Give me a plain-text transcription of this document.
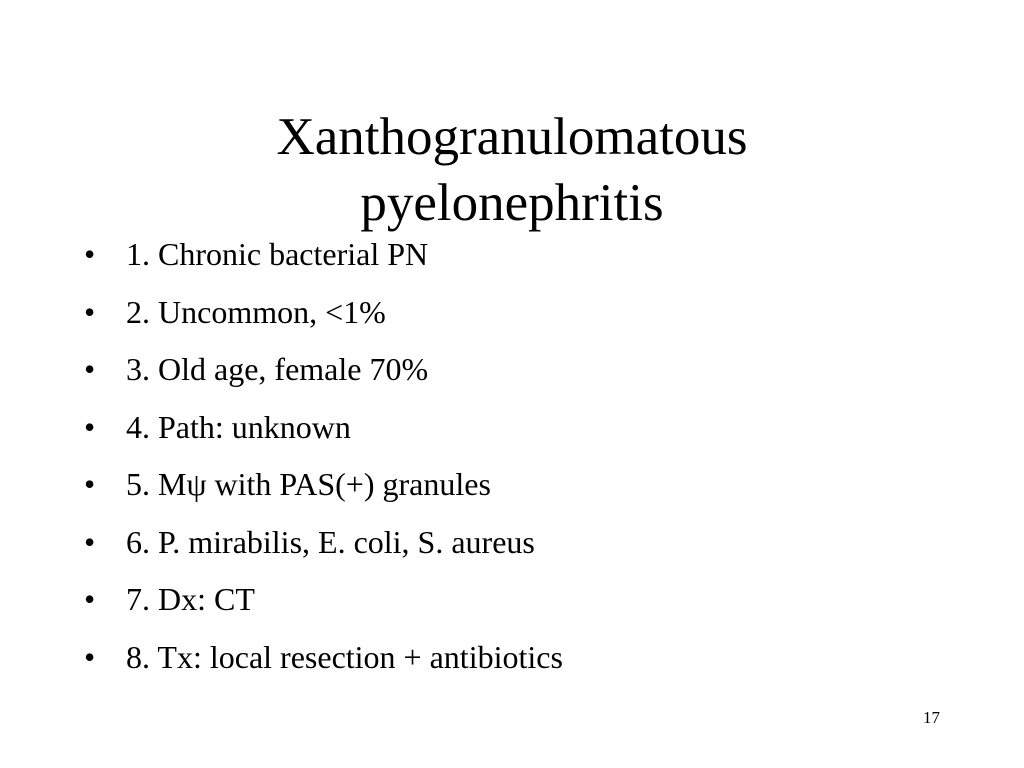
Xanthogranulomatous
pyelonephritis
• 1. Chronic bacterial PN
• 2. Uncommon, <1%
• 3. Old age, female 70%
• 4. Path: unknown
• 5. Mψ with PAS(+) granules
• 6. P. mirabilis, E. coli, S. aureus
• 7. Dx: CT
• 8. Tx: local resection + antibiotics
17
